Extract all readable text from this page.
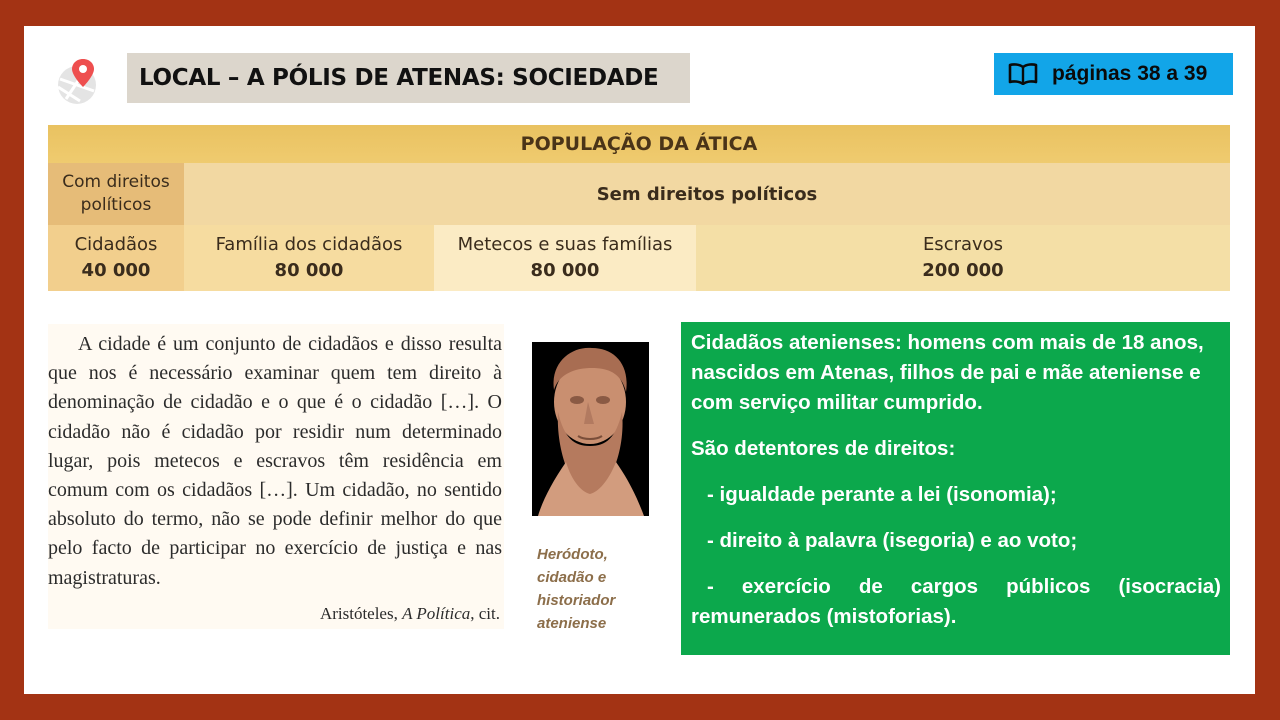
LOCAL – A PÓLIS DE ATENAS: SOCIEDADE	páginas 38 a 39
POPULAÇÃO DA ÁTICA
Com direitos políticos
Sem direitos políticos
Cidadãos
40 000
Família dos cidadãos
80 000
Metecos e suas famílias
80 000
Escravos
200 000
A cidade é um conjunto de cidadãos e disso resulta que nos é necessário examinar quem tem direito à denominação de cidadão e o que é o cidadão […]. O cidadão não é cidadão por residir num determinado lugar, pois metecos e escravos têm residência em comum com os cidadãos […]. Um cidadão, no sentido absoluto do termo, não se pode definir melhor do que pelo facto de participar no exercício de justiça e nas magistraturas.
Aristóteles, A Política, cit.
Heródoto, cidadão e historiador ateniense

Cidadãos atenienses: homens com mais de 18 anos, nascidos em Atenas, filhos de pai e mãe ateniense e com serviço militar cumprido.

São detentores de direitos:

- igualdade perante a lei (isonomia);

- direito à palavra (isegoria) e ao voto;

- exercício de cargos públicos (isocracia) remunerados (mistoforias).
